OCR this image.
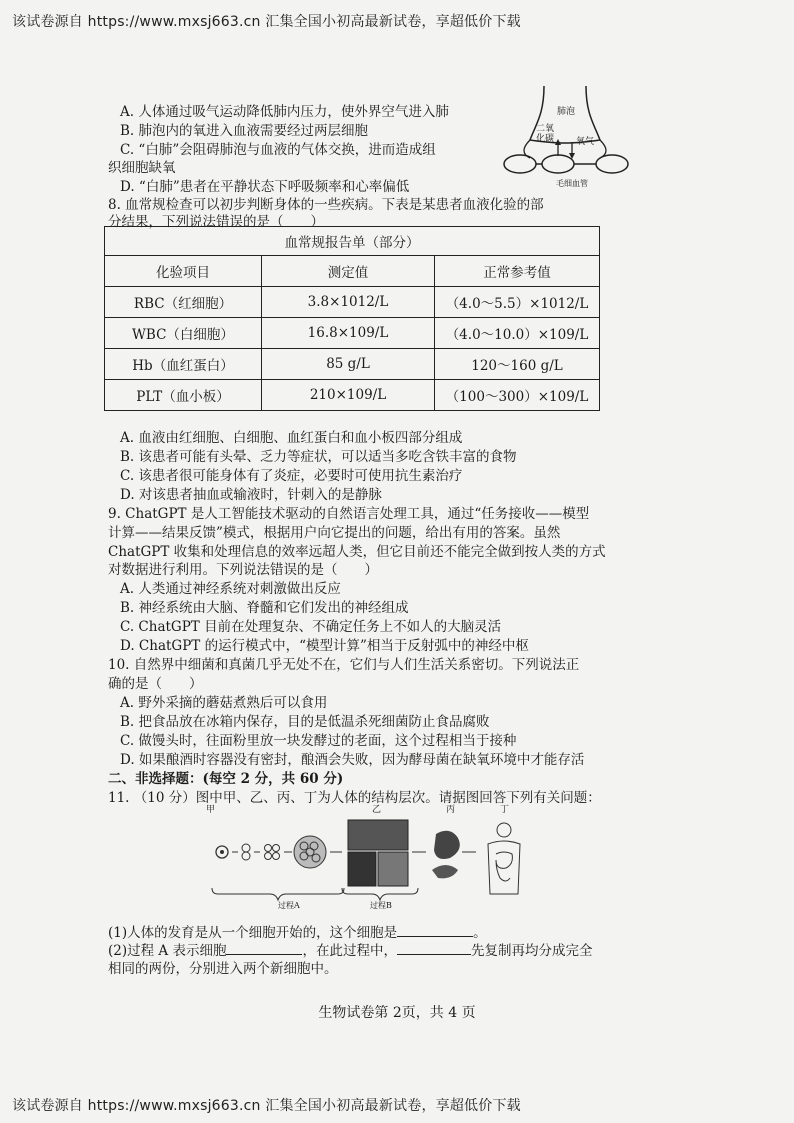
该试卷源自 https://www.mxsj663.cn 汇集全国小初高最新试卷，享超低价下载
A. 人体通过吸气运动降低肺内压力，使外界空气进入肺
B. 肺泡内的氧进入血液需要经过两层细胞
C. “白肺”会阻碍肺泡与血液的气体交换，进而造成组
织细胞缺氧
D. “白肺”患者在平静状态下呼吸频率和心率偏低
肺泡
二氧化碳 氧气
毛细血管
8. 血常规检查可以初步判断身体的一些疾病。下表是某患者血液化验的部
分结果，下列说法错误的是（　　）
血常规报告单（部分）		
化验项目	测定值	正常参考值
RBC（红细胞）	3.8×1012/L	（4.0～5.5）×1012/L
WBC（白细胞）	16.8×109/L	（4.0～10.0）×109/L
Hb（血红蛋白）	85 g/L	120～160 g/L
PLT（血小板）	210×109/L	（100～300）×109/L
A. 血液由红细胞、白细胞、血红蛋白和血小板四部分组成
B. 该患者可能有头晕、乏力等症状，可以适当多吃含铁丰富的食物
C. 该患者很可能身体有了炎症，必要时可使用抗生素治疗
D. 对该患者抽血或输液时，针刺入的是静脉
9. ChatGPT 是人工智能技术驱动的自然语言处理工具，通过“任务接收——模型
计算——结果反馈”模式，根据用户向它提出的问题，给出有用的答案。虽然
ChatGPT 收集和处理信息的效率远超人类，但它目前还不能完全做到按人类的方式
对数据进行利用。下列说法错误的是（　　）
A. 人类通过神经系统对刺激做出反应
B. 神经系统由大脑、脊髓和它们发出的神经组成
C. ChatGPT 目前在处理复杂、不确定任务上不如人的大脑灵活
D. ChatGPT 的运行模式中，“模型计算”相当于反射弧中的神经中枢
10. 自然界中细菌和真菌几乎无处不在，它们与人们生活关系密切。下列说法正
确的是（　　）
A. 野外采摘的蘑菇煮熟后可以食用
B. 把食品放在冰箱内保存，目的是低温杀死细菌防止食品腐败
C. 做馒头时，往面粉里放一块发酵过的老面，这个过程相当于接种
D. 如果酿酒时容器没有密封，酿酒会失败，因为酵母菌在缺氧环境中才能存活
二、非选择题：(每空 2 分，共 60 分)
11. （10 分）图中甲、乙、丙、丁为人体的结构层次。请据图回答下列有关问题：
甲	乙	丙	丁
过程A	过程B
(1)人体的发育是从一个细胞开始的，这个细胞是	。
(2)过程 A 表示细胞	，在此过程中，	先复制再均分成完全
相同的两份，分别进入两个新细胞中。
生物试卷第 2页，共 4 页
该试卷源自 https://www.mxsj663.cn 汇集全国小初高最新试卷，享超低价下载
